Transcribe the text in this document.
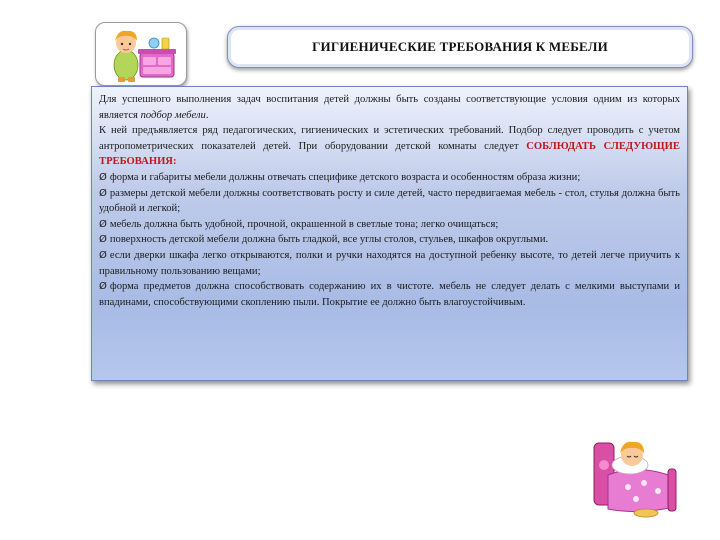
ГИГИЕНИЧЕСКИЕ ТРЕБОВАНИЯ К МЕБЕЛИ

Для успешного выполнения задач воспитания детей должны быть созданы соответствующие условия одним из которых является подбор мебели.

К ней предъявляется ряд педагогических, гигиенических и эстетических требований. Подбор следует проводить с учетом антропометрических показателей детей. При оборудовании детской комнаты следует СОБЛЮДАТЬ СЛЕДУЮЩИЕ ТРЕБОВАНИЯ:

Ø форма и габариты мебели должны отвечать специфике детского возраста и особенностям образа жизни;

Ø размеры детской мебели должны соответствовать росту и силе детей, часто передвигаемая мебель - стол, стулья должна быть удобной и легкой;

Ø мебель должна быть удобной, прочной, окрашенной в светлые тона; легко очищаться;

Ø поверхность детской мебели должна быть гладкой, все углы столов, стульев, шкафов округлыми.

Ø если дверки шкафа легко открываются, полки и ручки находятся на доступной ребенку высоте, то детей легче приучить к правильному пользованию вещами;

Ø форма предметов должна способствовать содержанию их в чистоте. мебель не следует делать с мелкими выступами и впадинами, способствующими скоплению пыли. Покрытие ее должно быть влагоустойчивым.
